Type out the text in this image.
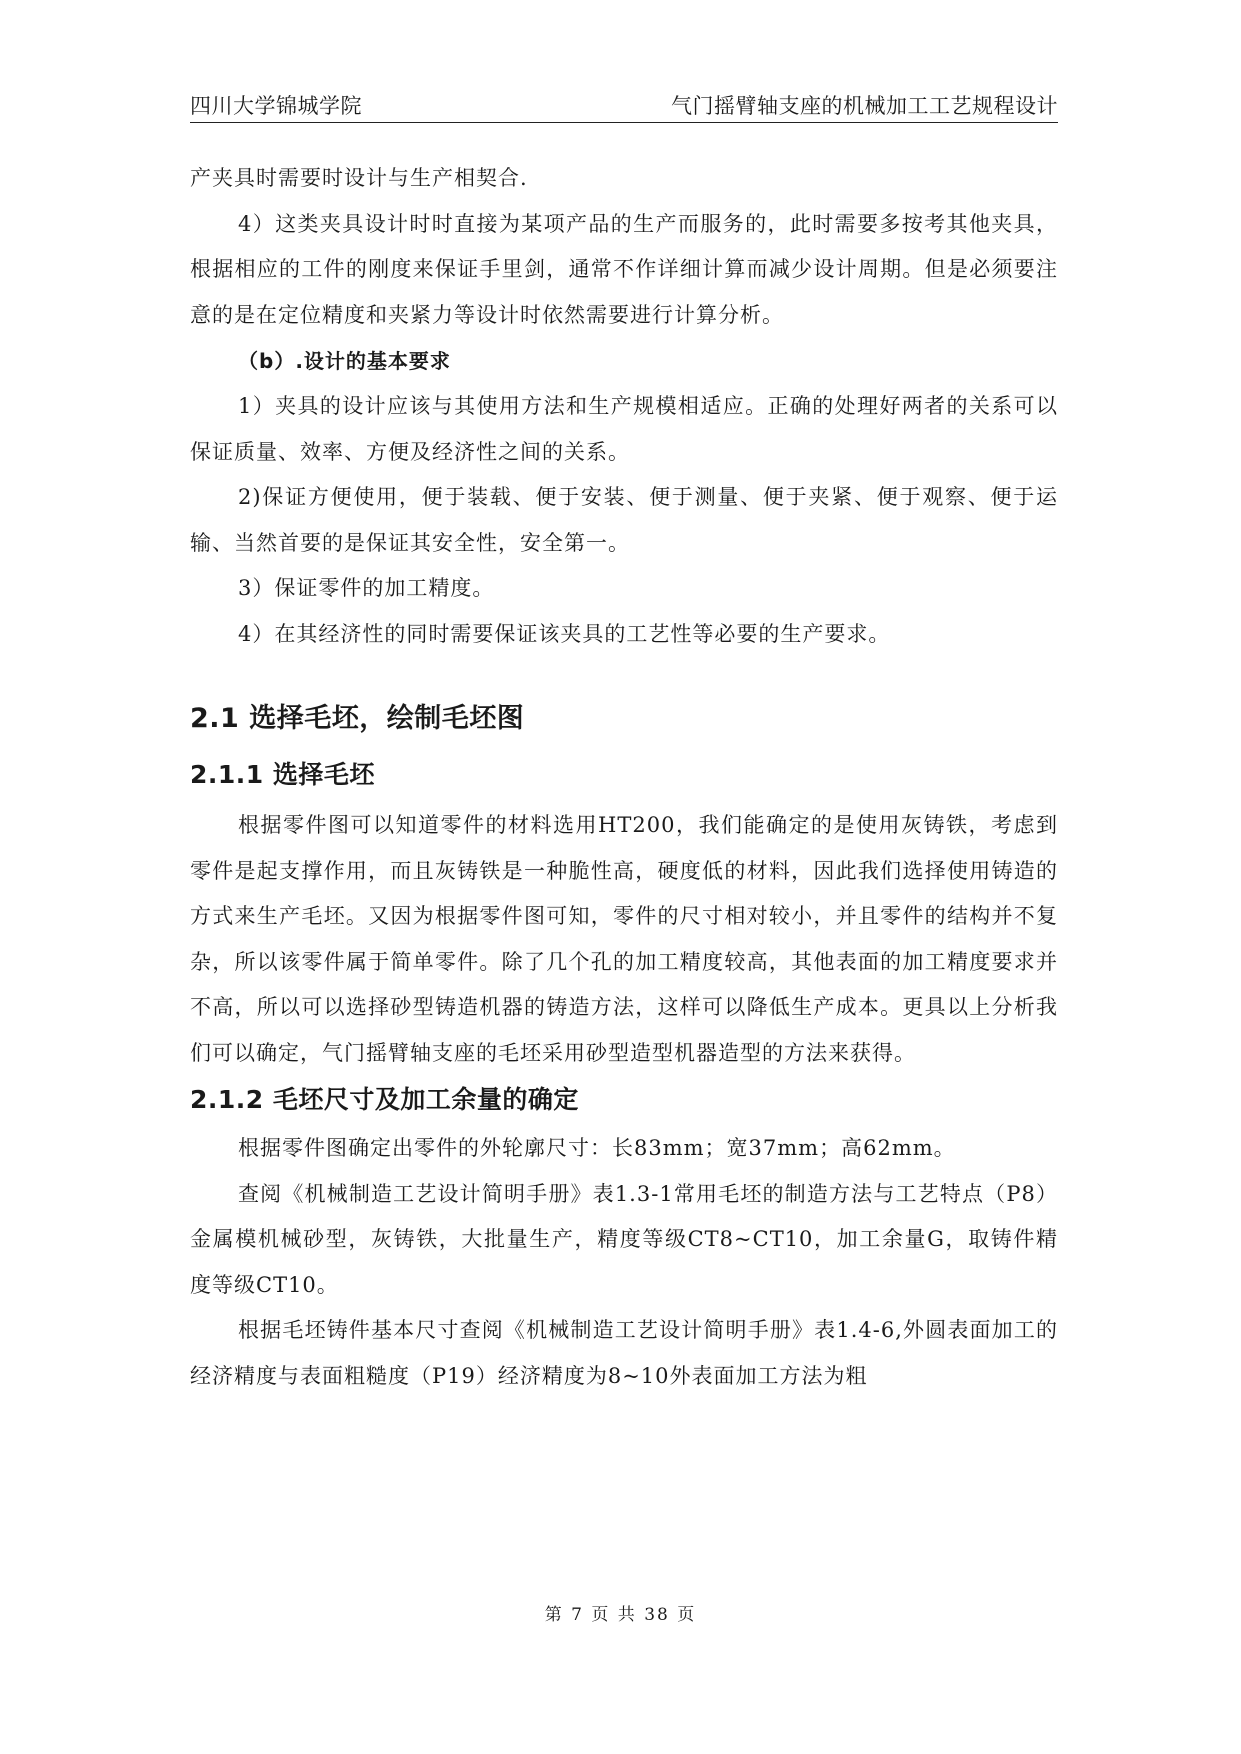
四川大学锦城学院	气门摇臂轴支座的机械加工工艺规程设计

产夹具时需要时设计与生产相契合.

4）这类夹具设计时时直接为某项产品的生产而服务的，此时需要多按考其他夹具，根据相应的工件的刚度来保证手里剑，通常不作详细计算而减少设计周期。但是必须要注意的是在定位精度和夹紧力等设计时依然需要进行计算分析。

（b）.设计的基本要求

1）夹具的设计应该与其使用方法和生产规模相适应。正确的处理好两者的关系可以保证质量、效率、方便及经济性之间的关系。

2)保证方便使用，便于装载、便于安装、便于测量、便于夹紧、便于观察、便于运输、当然首要的是保证其安全性，安全第一。

3）保证零件的加工精度。

4）在其经济性的同时需要保证该夹具的工艺性等必要的生产要求。

2.1 选择毛坯，绘制毛坯图
2.1.1 选择毛坯

根据零件图可以知道零件的材料选用HT200，我们能确定的是使用灰铸铁，考虑到零件是起支撑作用，而且灰铸铁是一种脆性高，硬度低的材料，因此我们选择使用铸造的方式来生产毛坯。又因为根据零件图可知，零件的尺寸相对较小，并且零件的结构并不复杂，所以该零件属于简单零件。除了几个孔的加工精度较高，其他表面的加工精度要求并不高，所以可以选择砂型铸造机器的铸造方法，这样可以降低生产成本。更具以上分析我们可以确定，气门摇臂轴支座的毛坯采用砂型造型机器造型的方法来获得。

2.1.2 毛坯尺寸及加工余量的确定

根据零件图确定出零件的外轮廓尺寸：长83mm；宽37mm；高62mm。

查阅《机械制造工艺设计简明手册》表1.3-1常用毛坯的制造方法与工艺特点（P8）金属模机械砂型，灰铸铁，大批量生产，精度等级CT8~CT10，加工余量G，取铸件精度等级CT10。

根据毛坯铸件基本尺寸查阅《机械制造工艺设计简明手册》表1.4-6,外圆表面加工的经济精度与表面粗糙度（P19）经济精度为8~10外表面加工方法为粗

第 7 页 共 38 页
